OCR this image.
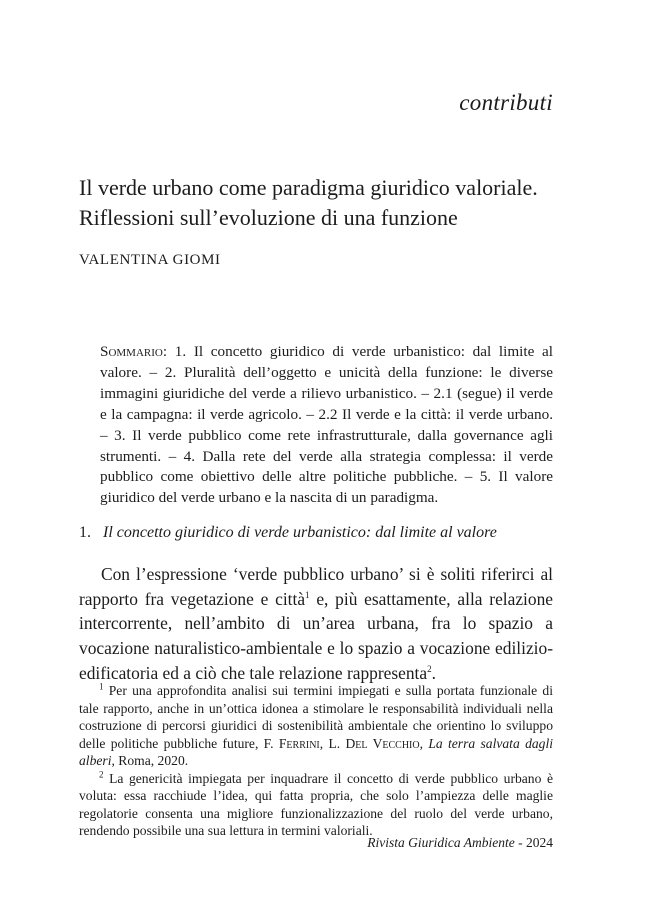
contributi
Il verde urbano come paradigma giuridico valoriale.
Riflessioni sull’evoluzione di una funzione
VALENTINA GIOMI
Sommario: 1. Il concetto giuridico di verde urbanistico: dal limite al valore. – 2. Pluralità dell’oggetto e unicità della funzione: le diverse immagini giuridiche del verde a rilievo urbanistico. – 2.1 (segue) il verde e la campagna: il verde agricolo. – 2.2 Il verde e la città: il verde urbano. – 3. Il verde pubblico come rete infrastrutturale, dalla governance agli strumenti. – 4. Dalla rete del verde alla strategia complessa: il verde pubblico come obiettivo delle altre politiche pubbliche. – 5. Il valore giuridico del verde urbano e la nascita di un paradigma.
1. Il concetto giuridico di verde urbanistico: dal limite al valore

Con l’espressione ‘verde pubblico urbano’ si è soliti riferirci al rapporto fra vegetazione e città$^1$ e, più esattamente, alla relazione intercorrente, nell’ambito di un’area urbana, fra lo spazio a vocazione naturalistico-ambientale e lo spazio a vocazione edilizio-edificatoria ed a ciò che tale relazione rappresenta$^2$.

$^1$ Per una approfondita analisi sui termini impiegati e sulla portata funzionale di tale rapporto, anche in un’ottica idonea a stimolare le responsabilità individuali nella costruzione di percorsi giuridici di sostenibilità ambientale che orientino lo sviluppo delle politiche pubbliche future, F. Ferrini, L. Del Vecchio, La terra salvata dagli alberi, Roma, 2020.

$^2$ La genericità impiegata per inquadrare il concetto di verde pubblico urbano è voluta: essa racchiude l’idea, qui fatta propria, che solo l’ampiezza delle maglie regolatorie consenta una migliore funzionalizzazione del ruolo del verde urbano, rendendo possibile una sua lettura in termini valoriali.

Rivista Giuridica Ambiente - 2024
